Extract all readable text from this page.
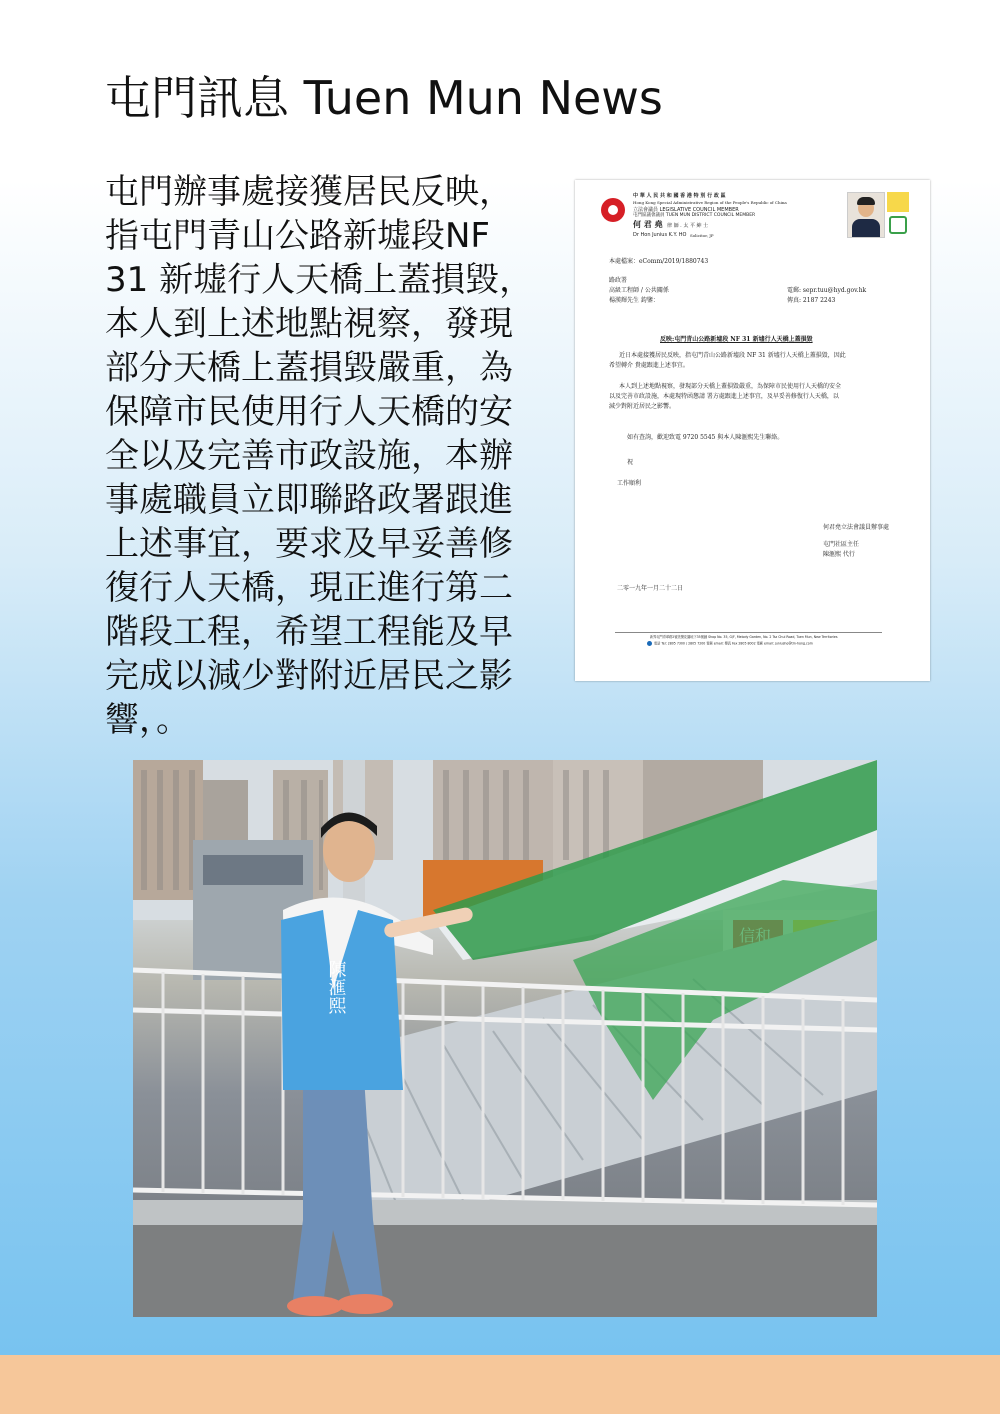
屯門訊息 Tuen Mun News
屯門辦事處接獲居民反映，
指屯門青山公路新墟段NF
31 新墟行人天橋上蓋損毀，
本人到上述地點視察，發現
部分天橋上蓋損毀嚴重，為
保障市民使用行人天橋的安
全以及完善市政設施，本辦
事處職員立即聯路政署跟進
上述事宜，要求及早妥善修
復行人天橋，現正進行第二
階段工程，希望工程能及早
完成以減少對附近居民之影
響，。
中 華 人 民 共 和 國 香 港 特 別 行 政 區
Hong Kong Special Administrative Region of the People's Republic of China
立法會議員 LEGISLATIVE COUNCIL MEMBER
屯門區議會議員 TUEN MUN DISTRICT COUNCIL MEMBER
何 君 堯 律 師 . 太 平 紳 士
Dr Hon Junius K.Y. HO Solicitor, JP
本處檔案：eComm/2019/1880743
路政署
高級工程師 / 公共關係
楊漢輝先生 鈞鑒：
電郵: sepr.tuu@hyd.gov.hk
傳真: 2187 2243
反映:屯門青山公路新墟段 NF 31 新墟行人天橋上蓋損毀
近日本處接獲居民反映，指屯門青山公路新墟段 NF 31 新墟行人天橋上蓋損毀，因此
希望轉介 貴處跟進上述事宜。
本人到上述地點視察，發現部分天橋上蓋損毀嚴重，為保障市民使用行人天橋的安全
以及完善市政設施，本處現特函懇請 署方處跟進上述事宜，及早妥善修復行人天橋，以
減少對附近居民之影響。
如有查詢，歡迎致電 9720 5545 與本人陳滙熙先生聯絡。
祝
工作順利
何君堯立法會議員辦事處
屯門社區主任
陳滙熙 代行
二零一九年一月二十二日
新界屯門青翠路2號美樂花園地下35號鋪 Shop No. 35, G/F, Melody Garden, No. 2 Tsz Chui Road, Tuen Mun, New Territories
電話 Tel: 2805 7300 / 2805 7200 電郵 email: 傳真 Fax 2805 8002 電郵 email: juniusho@tm-hong.com
陳滙熙
